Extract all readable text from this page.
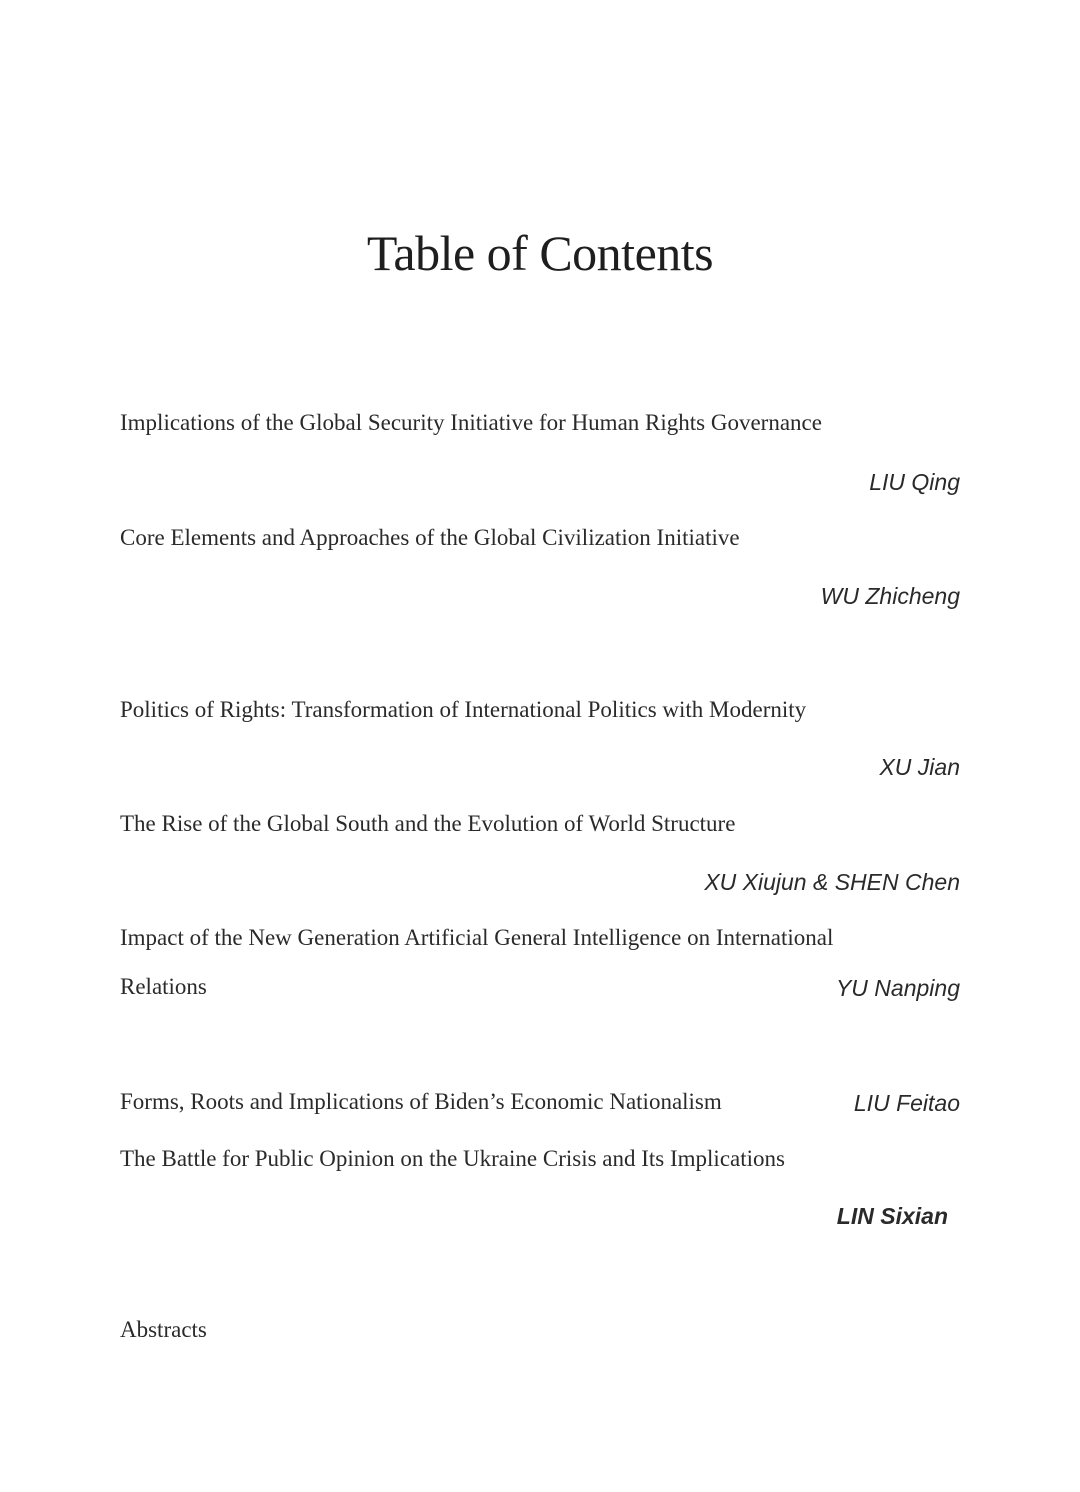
Table of Contents

Implications of the Global Security Initiative for Human Rights Governance

LIU Qing

Core Elements and Approaches of the Global Civilization Initiative

WU Zhicheng

Politics of Rights: Transformation of International Politics with Modernity

XU Jian

The Rise of the Global South and the Evolution of World Structure

XU Xiujun & SHEN Chen

Impact of the New Generation Artificial General Intelligence on International

Relations	YU Nanping

Forms, Roots and Implications of Biden’s Economic Nationalism	LIU Feitao

The Battle for Public Opinion on the Ukraine Crisis and Its Implications

LIN Sixian

Abstracts
